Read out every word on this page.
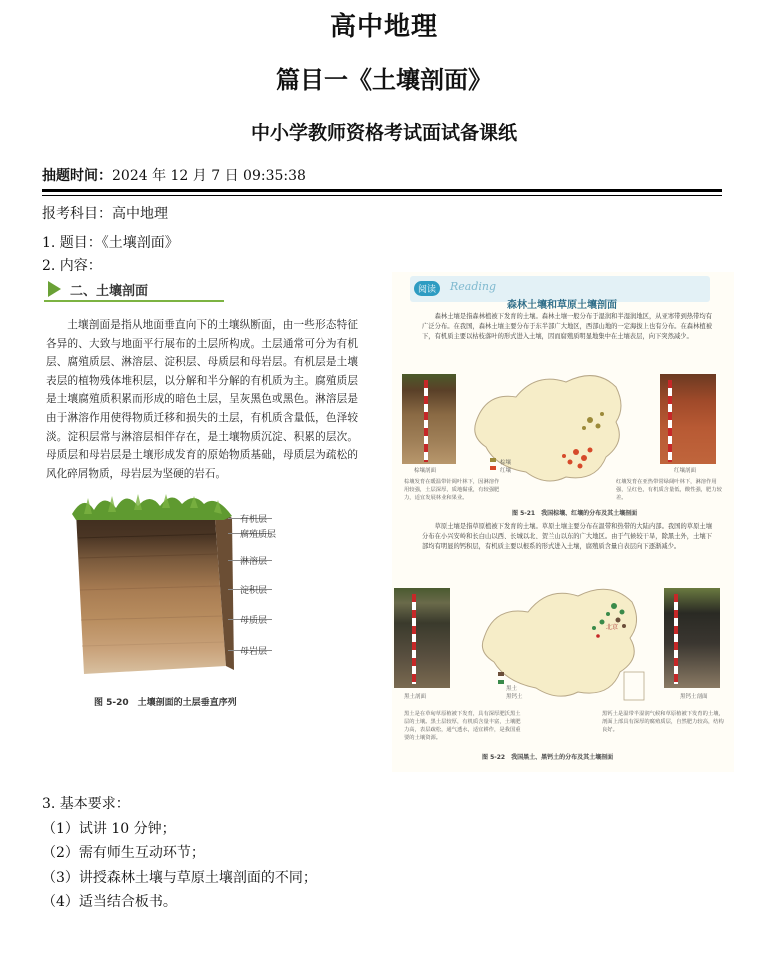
高中地理
篇目一《土壤剖面》
中小学教师资格考试面试备课纸
抽题时间：2024 年 12 月 7 日 09:35:38
报考科目：高中地理
1. 题目：《土壤剖面》
2. 内容：
二、土壤剖面
土壤剖面是指从地面垂直向下的土壤纵断面，由一些形态特征各异的、大致与地面平行展布的土层所构成。土层通常可分为有机层、腐殖质层、淋溶层、淀积层、母质层和母岩层。有机层是土壤表层的植物残体堆积层，以分解和半分解的有机质为主。腐殖质层是土壤腐殖质积累而形成的暗色土层，呈灰黑色或黑色。淋溶层是由于淋溶作用使得物质迁移和损失的土层，有机质含量低，色泽较淡。淀积层常与淋溶层相伴存在，是土壤物质沉淀、积累的层次。母质层和母岩层是土壤形成发育的原始物质基础，母质层为疏松的风化碎屑物质，母岩层为坚硬的岩石。
有机层
腐殖质层
淋溶层
淀积层
母质层
母岩层
图 5-20　土壤剖面的土层垂直序列
阅读	Reading
森林土壤和草原土壤剖面
森林土壤是指森林植被下发育的土壤。森林土壤一般分布于湿润和半湿润地区，从亚寒带到热带均有广泛分布。在我国，森林土壤主要分布于东半部广大地区，西部山地的一定海拔上也有分布。在森林植被下，有机质主要以枯枝落叶的形式进入土壤，因而腐殖质明显地集中在土壤表层，向下突然减少。
棕壤剖面
棕壤
红壤	红壤剖面
棕壤发育在暖温带针阔叶林下，因淋溶作用较强，土层深厚，质地黏重，有较强肥力，适宜发展林业和果业。
红壤发育在亚热带常绿阔叶林下，淋溶作用强，呈红色，有机质含量低，酸性强，肥力较差。
图 5-21　我国棕壤、红壤的分布及其土壤剖面
草原土壤是指草原植被下发育的土壤。草原土壤主要分布在温带和热带的大陆内部。我国的草原土壤分布在小兴安岭和长白山以西、长城以北、贺兰山以东的广大地区。由于气候较干旱，除黑土外，土壤下部均有明显的钙积层，有机质主要以根系的形式进入土壤，腐殖质含量自表层向下逐渐减少。
黑土剖面
北京
黑土
黑钙土	黑钙土剖面
黑土是在草甸草原植被下发育，具有深厚肥沃黑土层的土壤。黑土层较厚，有机质含量丰富，土壤肥力高，表层疏松，通气透水，适宜耕作，是我国重要的土壤资源。
黑钙土是温带半湿润气候和草原植被下发育的土壤，剖面上部具有深厚的腐殖质层，自然肥力较高，结构良好。
图 5-22　我国黑土、黑钙土的分布及其土壤剖面
3. 基本要求：
（1）试讲 10 分钟；
（2）需有师生互动环节；
（3）讲授森林土壤与草原土壤剖面的不同；
（4）适当结合板书。
